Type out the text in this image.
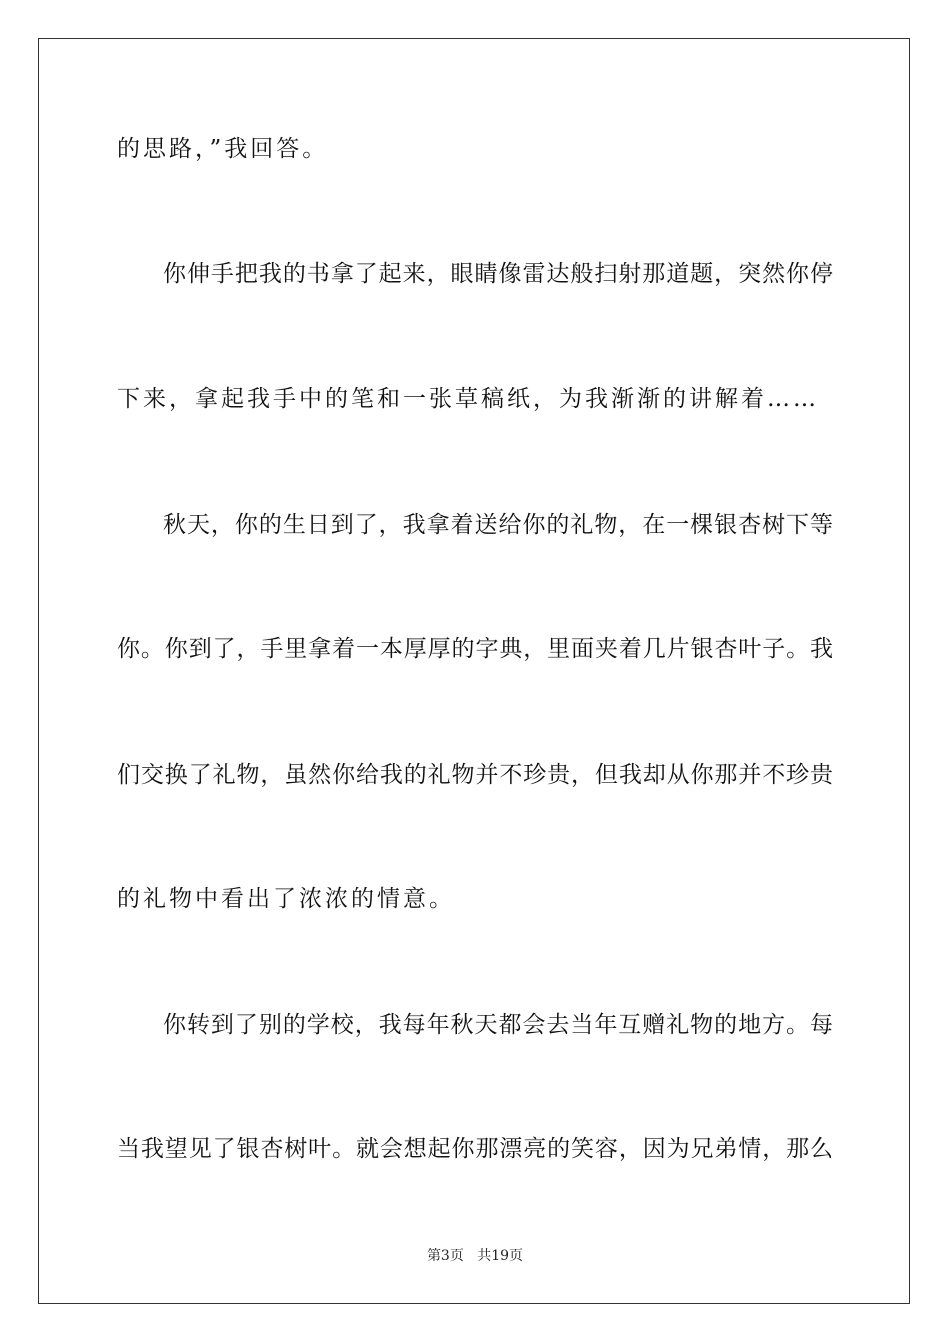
的思路，”我回答。
你伸手把我的书拿了起来，眼睛像雷达般扫射那道题，突然你停
下来，拿起我手中的笔和一张草稿纸，为我渐渐的讲解着……
秋天，你的生日到了，我拿着送给你的礼物，在一棵银杏树下等
你。你到了，手里拿着一本厚厚的字典，里面夹着几片银杏叶子。我
们交换了礼物，虽然你给我的礼物并不珍贵，但我却从你那并不珍贵
的礼物中看出了浓浓的情意。
你转到了别的学校，我每年秋天都会去当年互赠礼物的地方。每
当我望见了银杏树叶。就会想起你那漂亮的笑容，因为兄弟情，那么
第3页 共19页
